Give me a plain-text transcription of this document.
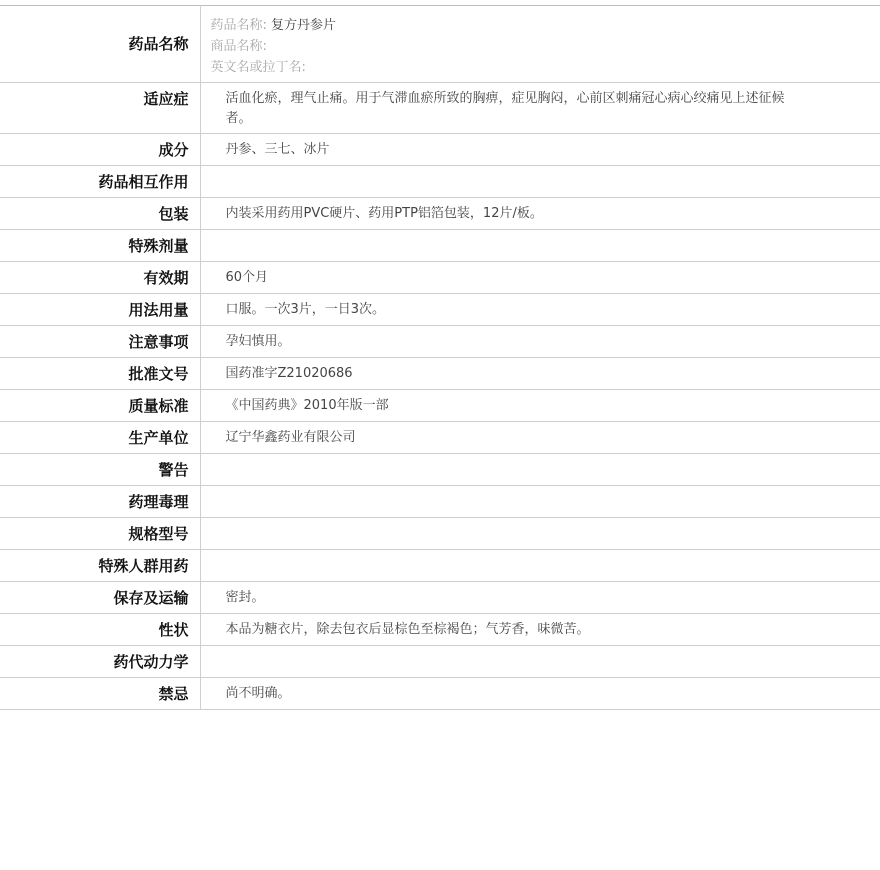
药品名称	药品名称: 复方丹参片
商品名称:
英文名或拉丁名:

适应症	活血化瘀，理气止痛。用于气滞血瘀所致的胸痹，症见胸闷，心前区刺痛冠心病心绞痛见上述征候者。

成分	丹参、三七、冰片

药品相互作用	

包装	内装采用药用PVC硬片、药用PTP铝箔包装，12片/板。

特殊剂量	

有效期	60个月

用法用量	口服。一次3片，一日3次。

注意事项	孕妇慎用。

批准文号	国药准字Z21020686

质量标准	《中国药典》2010年版一部

生产单位	辽宁华鑫药业有限公司

警告	

药理毒理	

规格型号	

特殊人群用药	

保存及运输	密封。

性状	本品为糖衣片，除去包衣后显棕色至棕褐色；气芳香，味微苦。

药代动力学	

禁忌	尚不明确。
